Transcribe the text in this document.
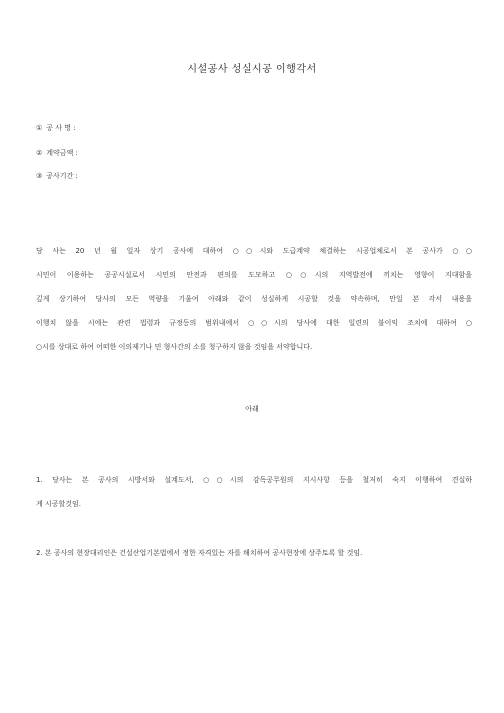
시설공사 성실시공 이행각서
① 공 사 명 :
② 계약금액 :
③ 공사기간 :
당 사는 20 년 월 일자 상기 공사에 대하여 ○○시와 도급계약 체결하는 시공업체로서 본 공사가 ○○
시민이 이용하는 공공시설로서 시민의 안전과 편의를 도모하고 ○○시의 지역발전에 끼치는 영향이 지대함을
깊게 상기하여 당사의 모든 역량을 기울여 아래와 같이 성실하게 시공할 것을 약속하며, 만일 본 각서 내용을
이행치 않을 시에는 관련 법령과 규정등의 범위내에서 ○○시의 당사에 대한 일련의 불이익 조치에 대하여 ○
○시를 상대로 하여 어떠한 이의제기나 민 형사간의 소를 청구하지 않을 것임을 서약합니다.
아래
1. 당사는 본 공사의 시방서와 설계도서, ○○시의 감독공무원의 지시사항 등을 철저히 숙지 이행하여 견실하
게 시공할것임.
2. 본 공사의 현장대리인은 건설산업기본법에서 정한 자격있는 자를 해치하여 공사현장에 상주토록 할 것임.
